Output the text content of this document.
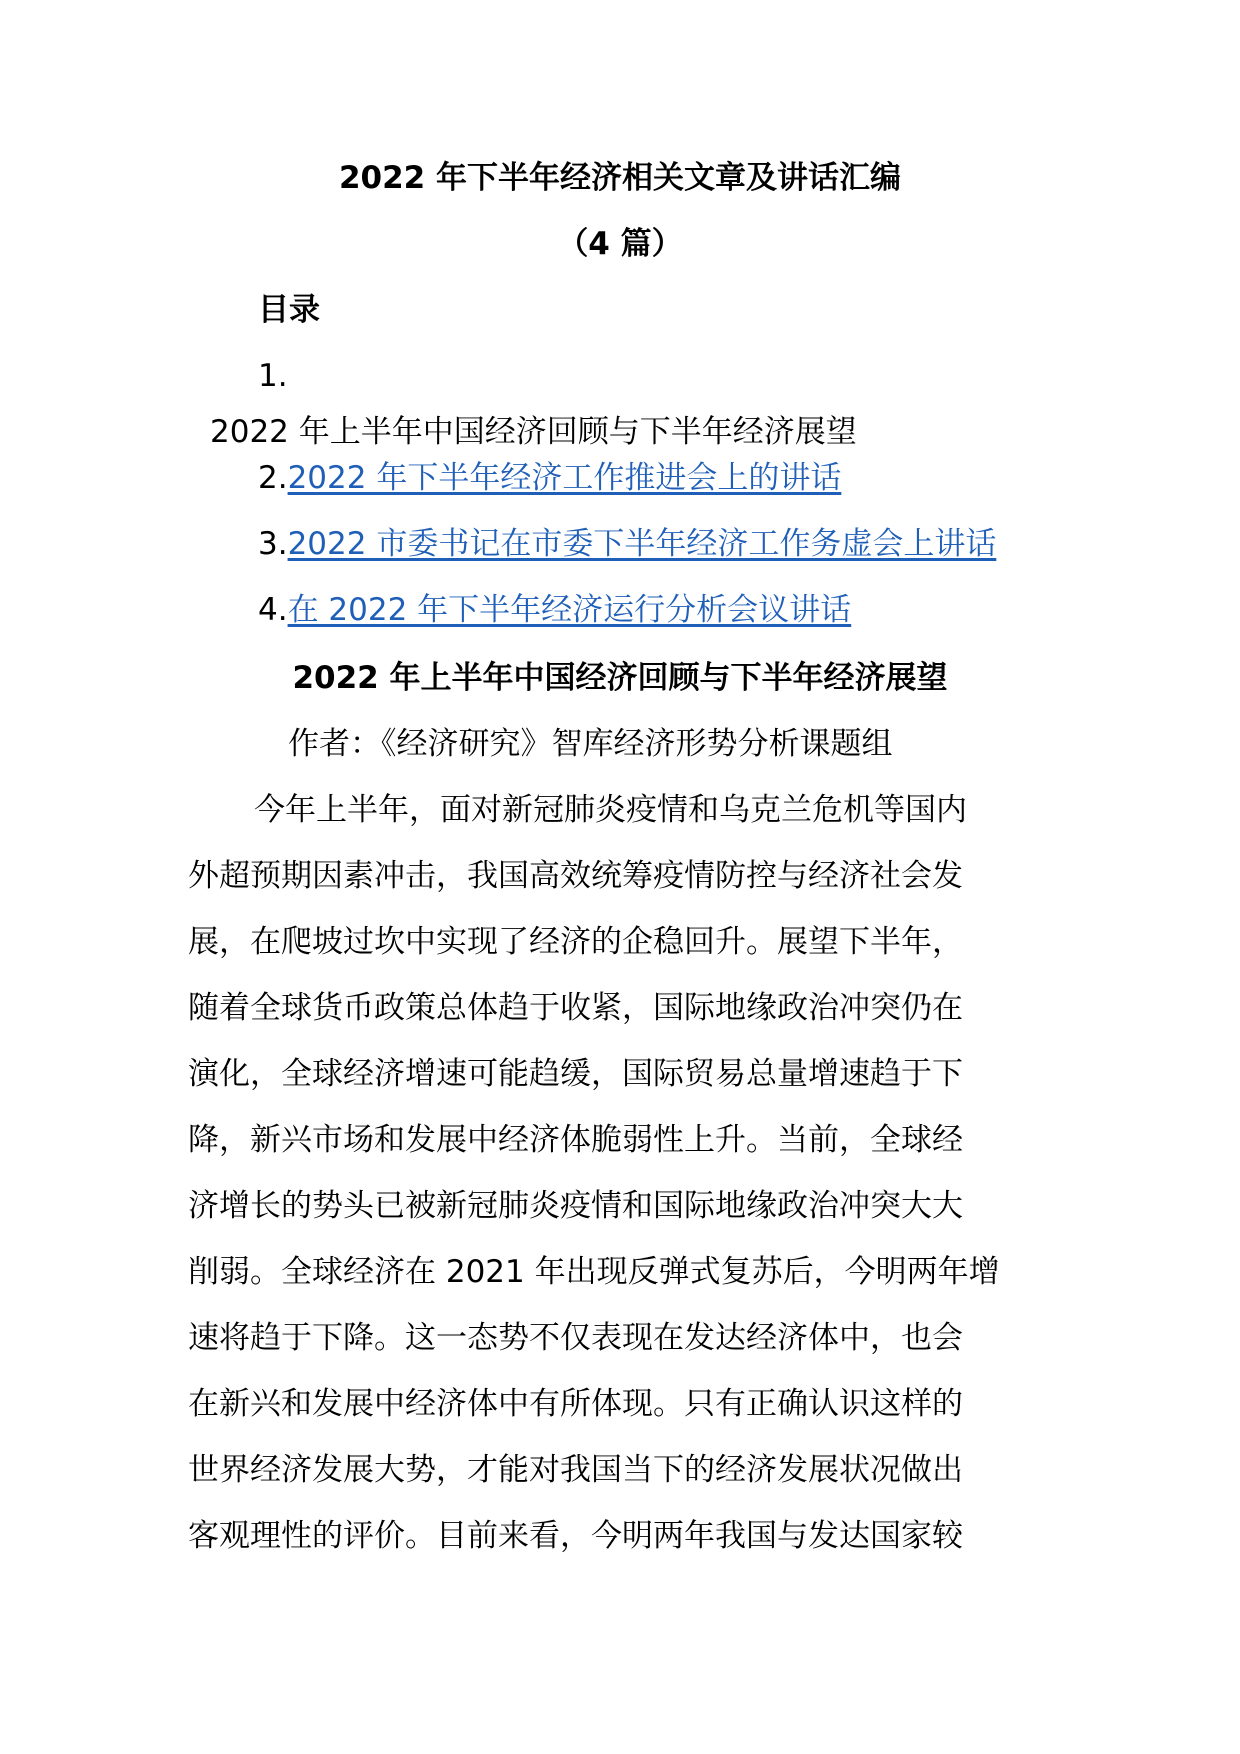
2022 年下半年经济相关文章及讲话汇编
（4 篇）
目录
1.
2022 年上半年中国经济回顾与下半年经济展望
2.2022 年下半年经济工作推进会上的讲话
3.2022 市委书记在市委下半年经济工作务虚会上讲话
4.在 2022 年下半年经济运行分析会议讲话
2022 年上半年中国经济回顾与下半年经济展望

作者：《经济研究》智库经济形势分析课题组

今年上半年，面对新冠肺炎疫情和乌克兰危机等国内

外超预期因素冲击，我国高效统筹疫情防控与经济社会发

展，在爬坡过坎中实现了经济的企稳回升。展望下半年，

随着全球货币政策总体趋于收紧，国际地缘政治冲突仍在

演化，全球经济增速可能趋缓，国际贸易总量增速趋于下

降，新兴市场和发展中经济体脆弱性上升。当前，全球经

济增长的势头已被新冠肺炎疫情和国际地缘政治冲突大大

削弱。全球经济在 2021 年出现反弹式复苏后，今明两年增

速将趋于下降。这一态势不仅表现在发达经济体中，也会

在新兴和发展中经济体中有所体现。只有正确认识这样的

世界经济发展大势，才能对我国当下的经济发展状况做出

客观理性的评价。目前来看，今明两年我国与发达国家较
